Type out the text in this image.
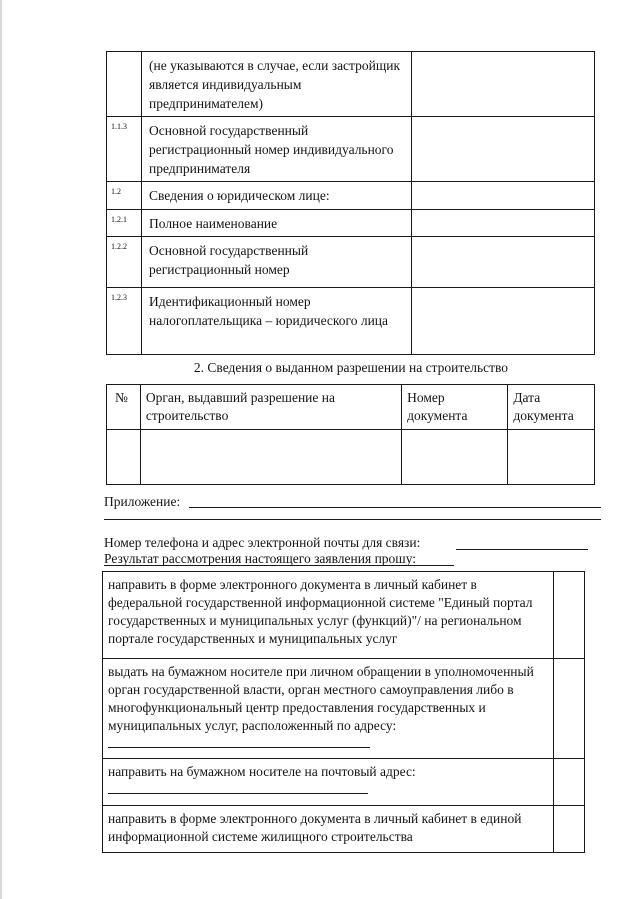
	(не указываются в случае, если застройщик является индивидуальным предпринимателем)	
1.1.3	Основной государственный регистрационный номер индивидуального предпринимателя	
1.2	Сведения о юридическом лице:	
1.2.1	Полное наименование	
1.2.2	Основной государственный регистрационный номер	
1.2.3	Идентификационный номер налогоплательщика – юридического лица	
2. Сведения о выданном разрешении на строительство
№	Орган, выдавший разрешение на строительство	Номер документа	Дата документа

Приложение:
Номер телефона и адрес электронной почты для связи:
Результат рассмотрения настоящего заявления прошу:
направить в форме электронного документа в личный кабинет в федеральной государственной информационной системе "Единый портал государственных и муниципальных услуг (функций)"/ на региональном портале государственных и муниципальных услуг	
выдать на бумажном носителе при личном обращении в уполномоченный орган государственной власти, орган местного самоуправления либо в многофункциональный центр предоставления государственных и муниципальных услуг, расположенный по адресу:	
направить на бумажном носителе на почтовый адрес:	
направить в форме электронного документа в личный кабинет в единой информационной системе жилищного строительства	
